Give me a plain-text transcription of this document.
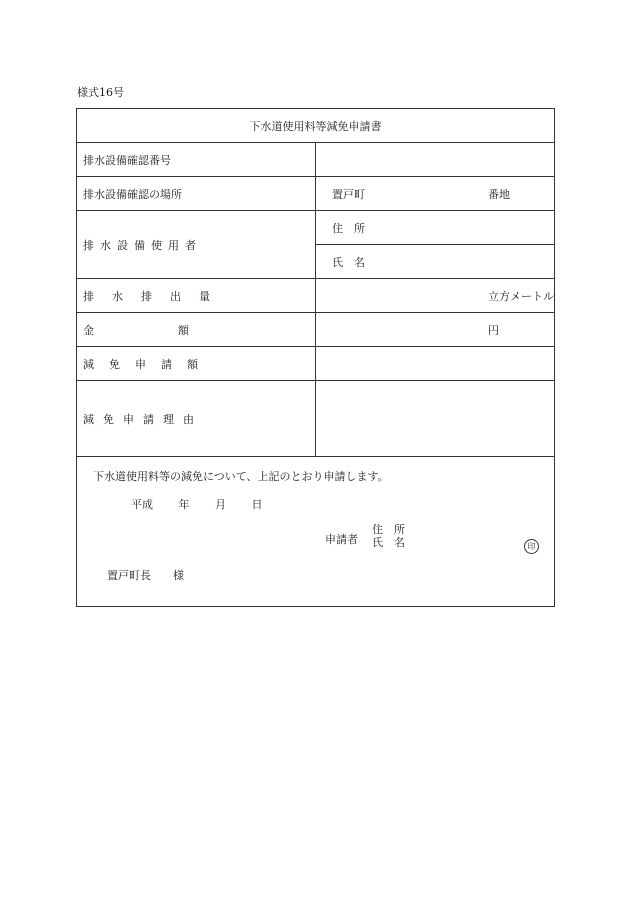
様式16号
下水道使用料等減免申請書	
排水設備確認番号	
排水設備確認の場所	置戸町 番地

排水設備使用者	住　所
	氏　名

排水排出量	立方メートル

金額	円

減免申請額	

減免申請理由	

下水道使用料等の減免について、上記のとおり申請します。
平成 年 月 日
申請者
住　所
氏　名	印
置戸町長　　様
